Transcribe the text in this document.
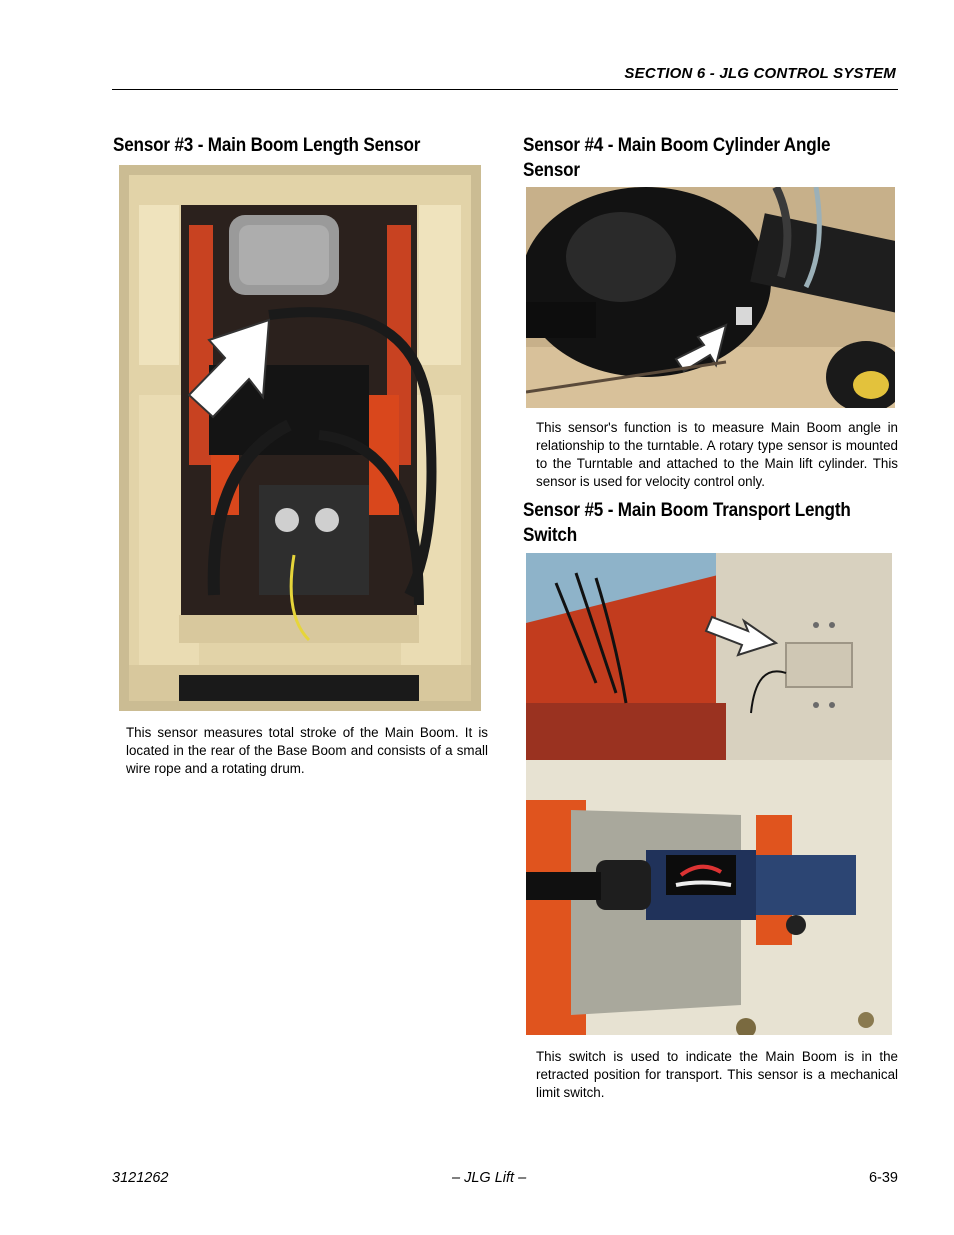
SECTION 6 - JLG CONTROL SYSTEM
Sensor #3 - Main Boom Length Sensor

This sensor measures total stroke of the Main Boom. It is located in the rear of the Base Boom and consists of a small wire rope and a rotating drum.

Sensor #4 - Main Boom Cylinder Angle
Sensor

This sensor's function is to measure Main Boom angle in relationship to the turntable. A rotary type sensor is mounted to the Turntable and attached to the Main lift cylinder. This sensor is used for velocity control only.

Sensor #5 - Main Boom Transport Length
Switch

This switch is used to indicate the Main Boom is in the retracted position for transport. This sensor is a mechanical limit switch.

3121262	– JLG Lift –	6-39
